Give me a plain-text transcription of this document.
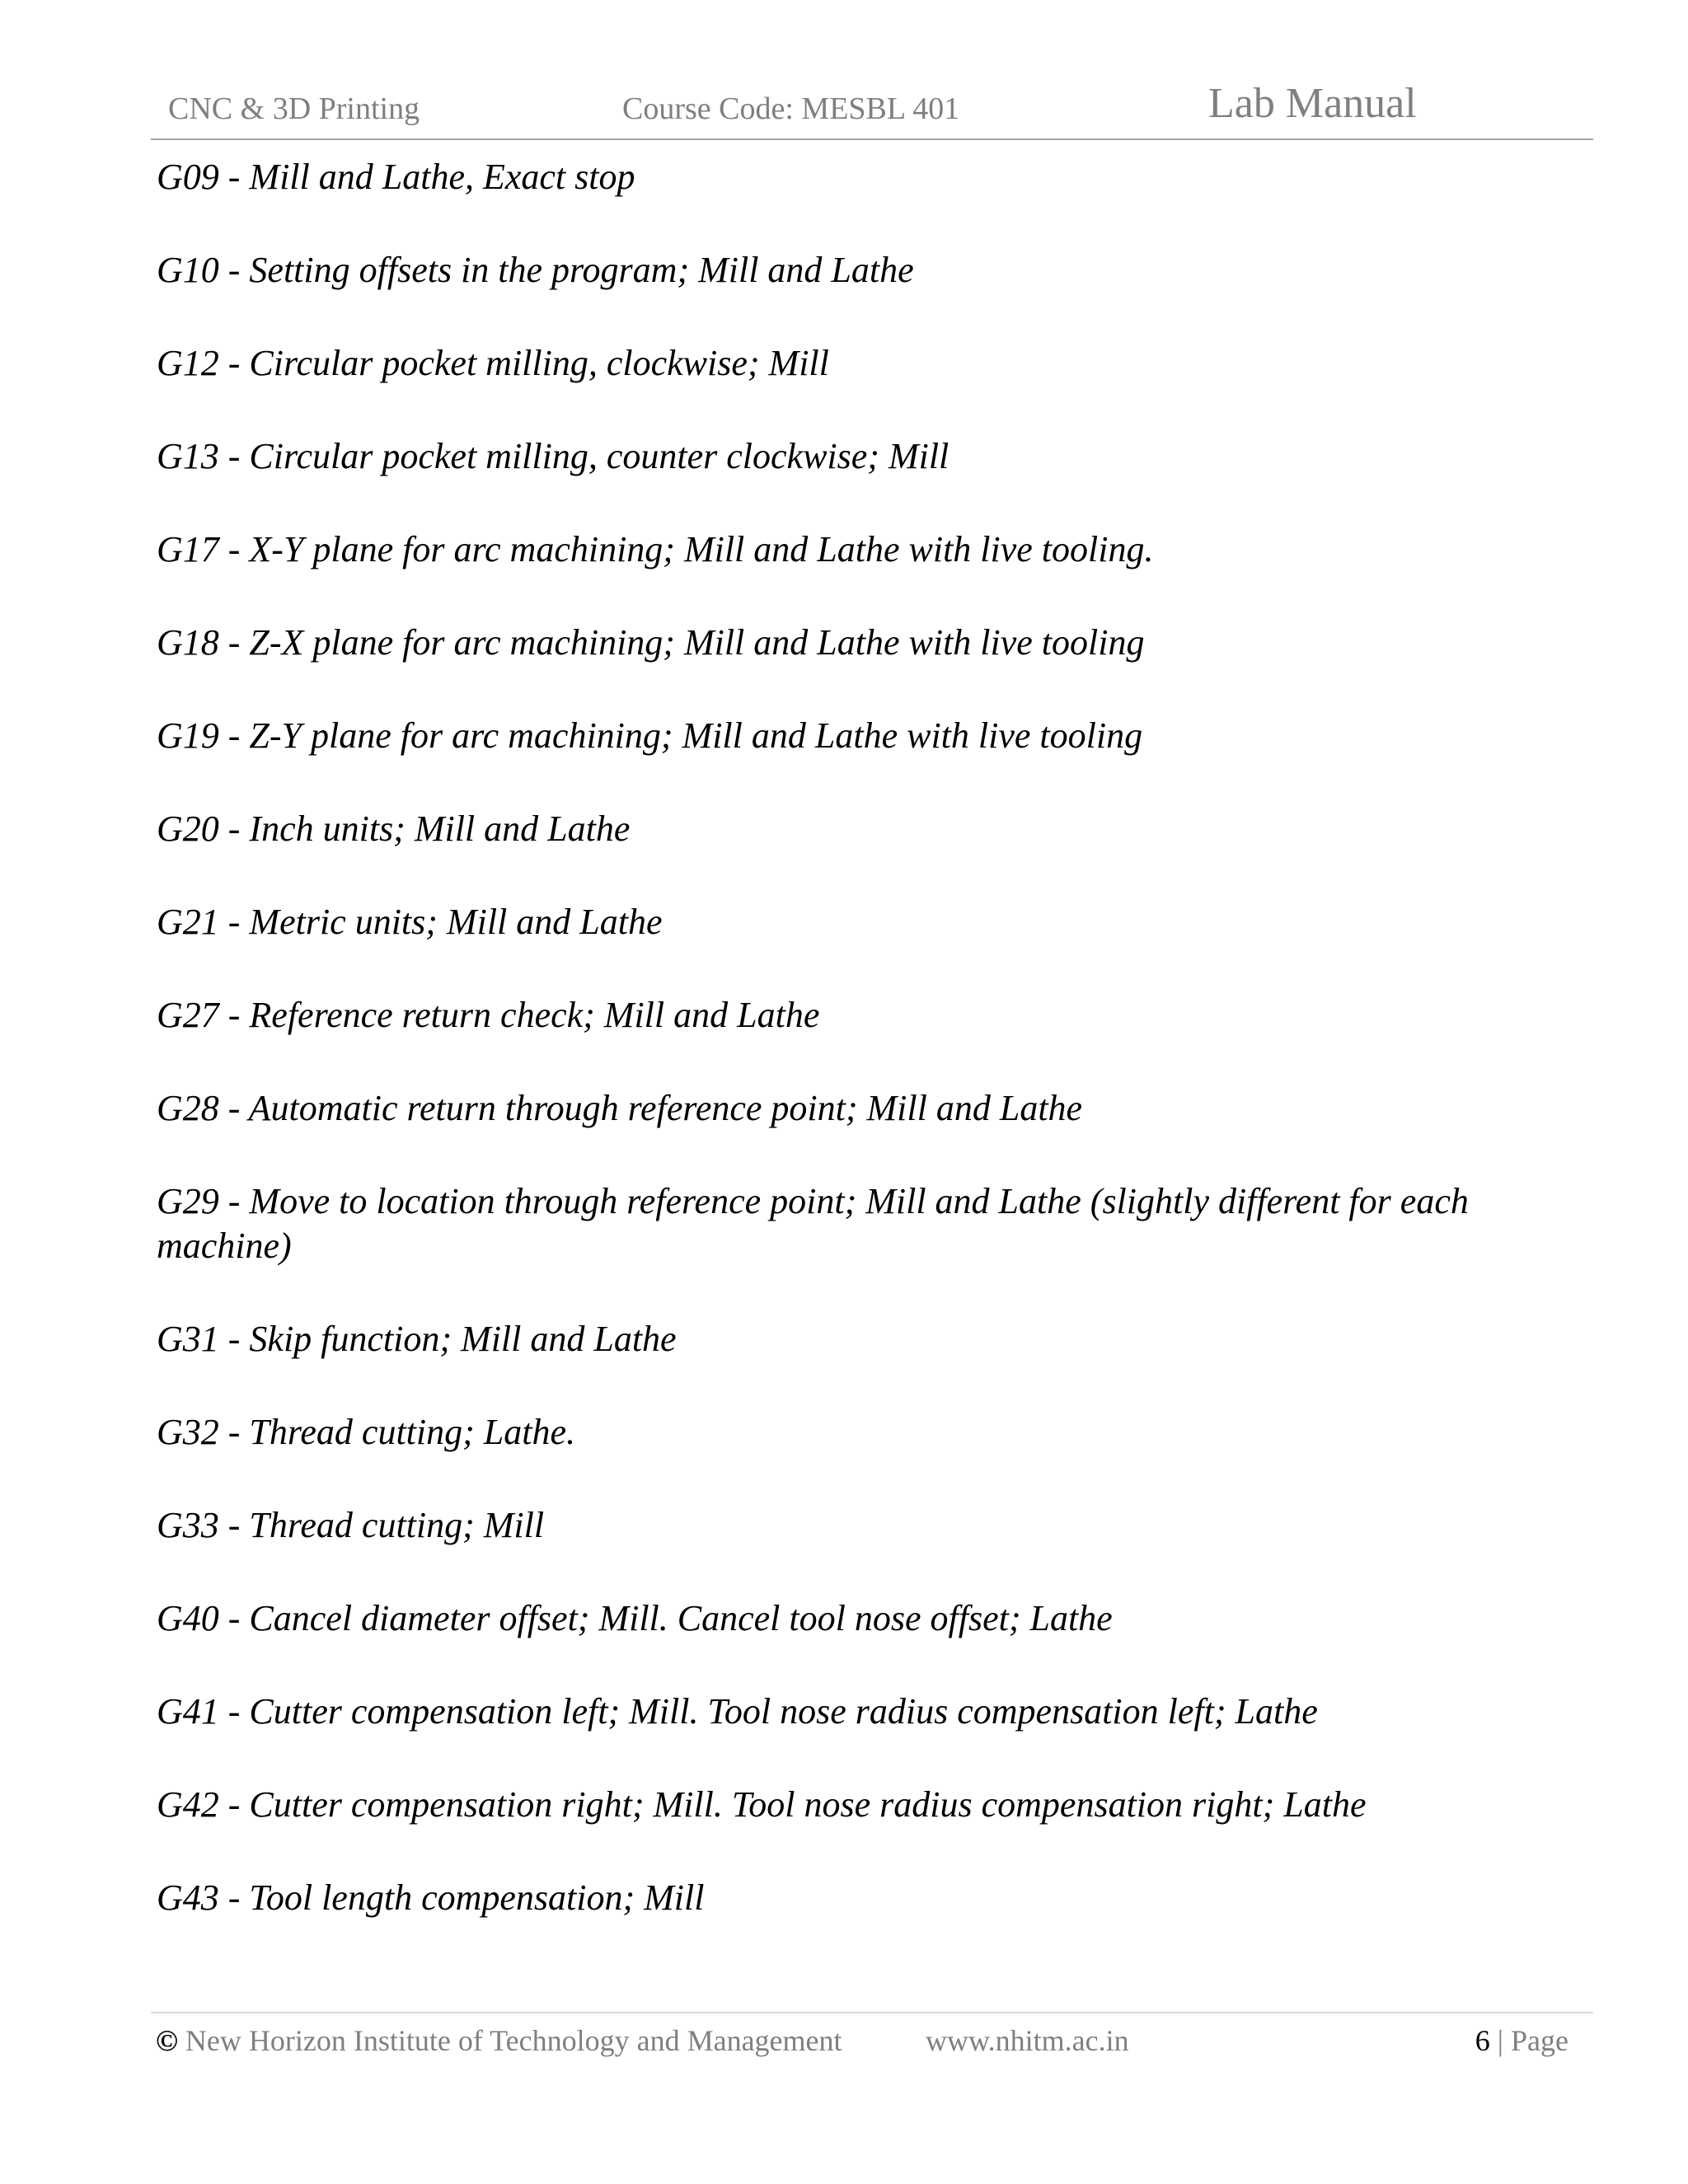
CNC & 3D Printing	Course Code: MESBL 401	Lab Manual
G09 - Mill and Lathe, Exact stop
G10 - Setting offsets in the program; Mill and Lathe
G12 - Circular pocket milling, clockwise; Mill
G13 - Circular pocket milling, counter clockwise; Mill
G17 - X-Y plane for arc machining; Mill and Lathe with live tooling.
G18 - Z-X plane for arc machining; Mill and Lathe with live tooling
G19 - Z-Y plane for arc machining; Mill and Lathe with live tooling
G20 - Inch units; Mill and Lathe
G21 - Metric units; Mill and Lathe
G27 - Reference return check; Mill and Lathe
G28 - Automatic return through reference point; Mill and Lathe
G29 - Move to location through reference point; Mill and Lathe (slightly different for each machine)
G31 - Skip function; Mill and Lathe
G32 - Thread cutting; Lathe.
G33 - Thread cutting; Mill
G40 - Cancel diameter offset; Mill. Cancel tool nose offset; Lathe
G41 - Cutter compensation left; Mill. Tool nose radius compensation left; Lathe
G42 - Cutter compensation right; Mill. Tool nose radius compensation right; Lathe
G43 - Tool length compensation; Mill
© New Horizon Institute of Technology and Management	www.nhitm.ac.in	6 | Page
